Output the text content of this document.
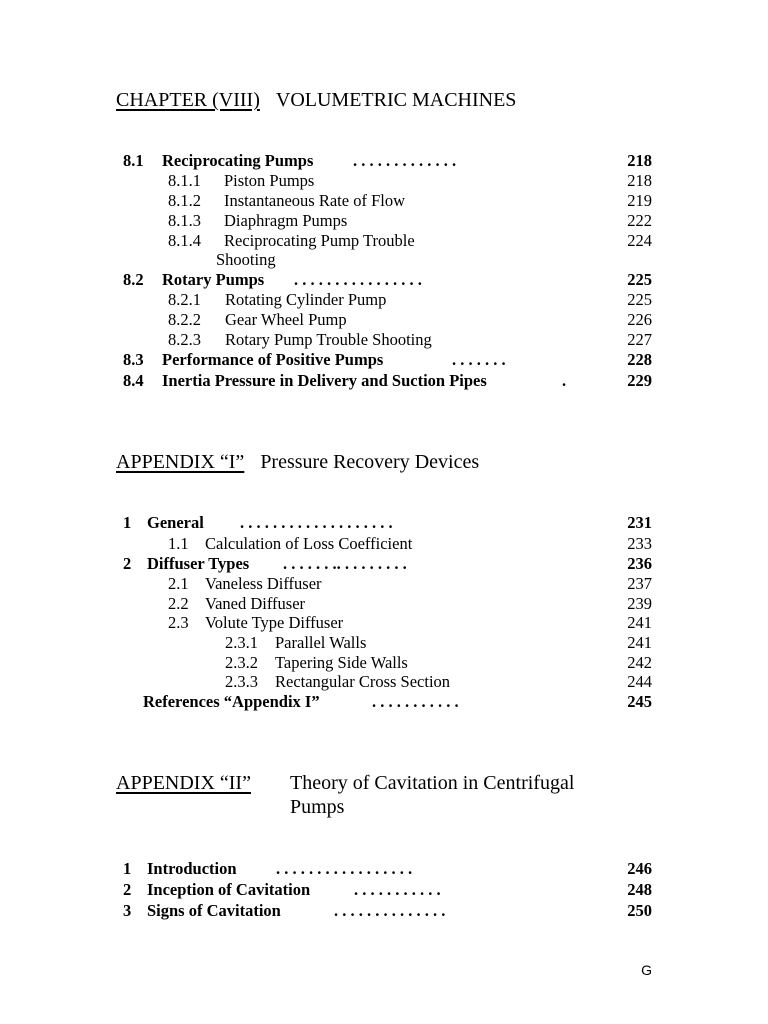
CHAPTER (VIII) VOLUMETRIC MACHINES
8.1 Reciprocating Pumps . . . . . . . . . . . . .	218
8.1.1 Piston Pumps	218
8.1.2 Instantaneous Rate of Flow	219
8.1.3 Diaphragm Pumps	222
8.1.4 Reciprocating Pump Trouble	224
Shooting
8.2 Rotary Pumps . . . . . . . . . . . . . . . .	225
8.2.1 Rotating Cylinder Pump	225
8.2.2 Gear Wheel Pump	226
8.2.3 Rotary Pump Trouble Shooting	227
8.3 Performance of Positive Pumps	. . . . . . .	228
8.4 Inertia Pressure in Delivery and Suction Pipes	.	229
APPENDIX “I” Pressure Recovery Devices
1 General . . . . . . . . . . . . . . . . . . .	231
1.1 Calculation of Loss Coefficient	233
2 Diffuser Types . . . . . . .. . . . . . . . .	236
2.1 Vaneless Diffuser	237
2.2 Vaned Diffuser	239
2.3 Volute Type Diffuser	241
2.3.1 Parallel Walls	241
2.3.2 Tapering Side Walls	242
2.3.3 Rectangular Cross Section	244
References “Appendix I”	. . . . . . . . . . .	245
APPENDIX “II” Theory of Cavitation in Centrifugal Pumps
1 Introduction . . . . . . . . . . . . . . . . .	246
2 Inception of Cavitation	. . . . . . . . . . .	248
3 Signs of Cavitation	. . . . . . . . . . . . . .	250
G
